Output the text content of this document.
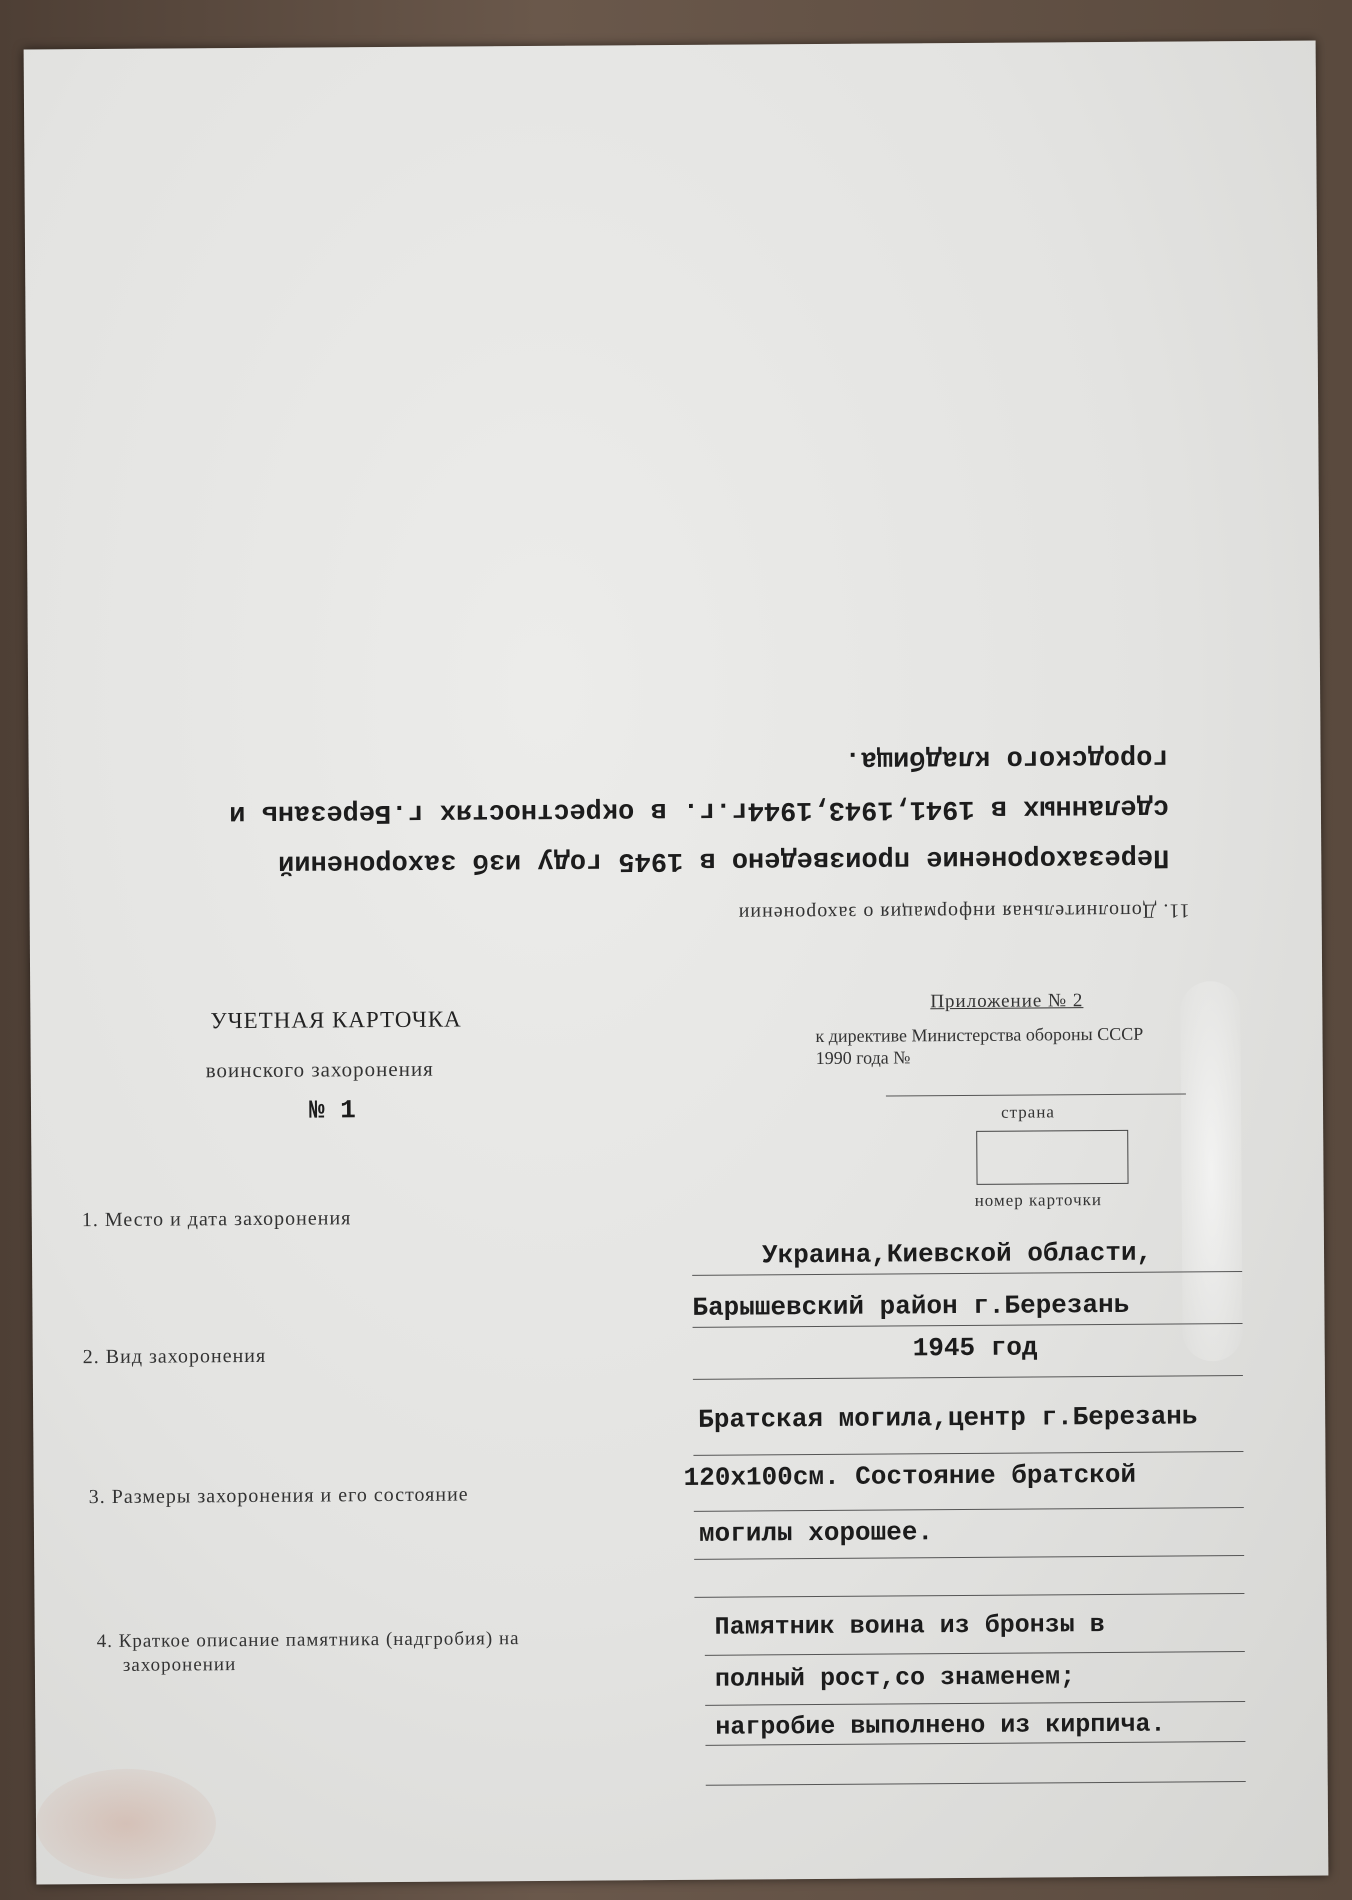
11. Дополнительная информация о захоронении
Перезахоронение произведено в 1945 году изб захоронений
сделанных в 1941,1943,1944г.г. в окрестностях г.Березань и
городского кладбища.
УЧЕТНАЯ КАРТОЧКА
воинского захоронения
№ 1
Приложение № 2
к директиве Министерства обороны СССР
1990 года №
страна
номер карточки
1. Место и дата захоронения
2. Вид захоронения
3. Размеры захоронения и его состояние
4. Краткое описание памятника (надгробия) на
захоронении
Украина,Киевской области,
Барышевский район г.Березань
1945 год
Братская могила,центр г.Березань
120х100см. Состояние братской
могилы хорошее.
Памятник воина из бронзы в
полный рост,со знаменем;
нагробие выполнено из кирпича.
